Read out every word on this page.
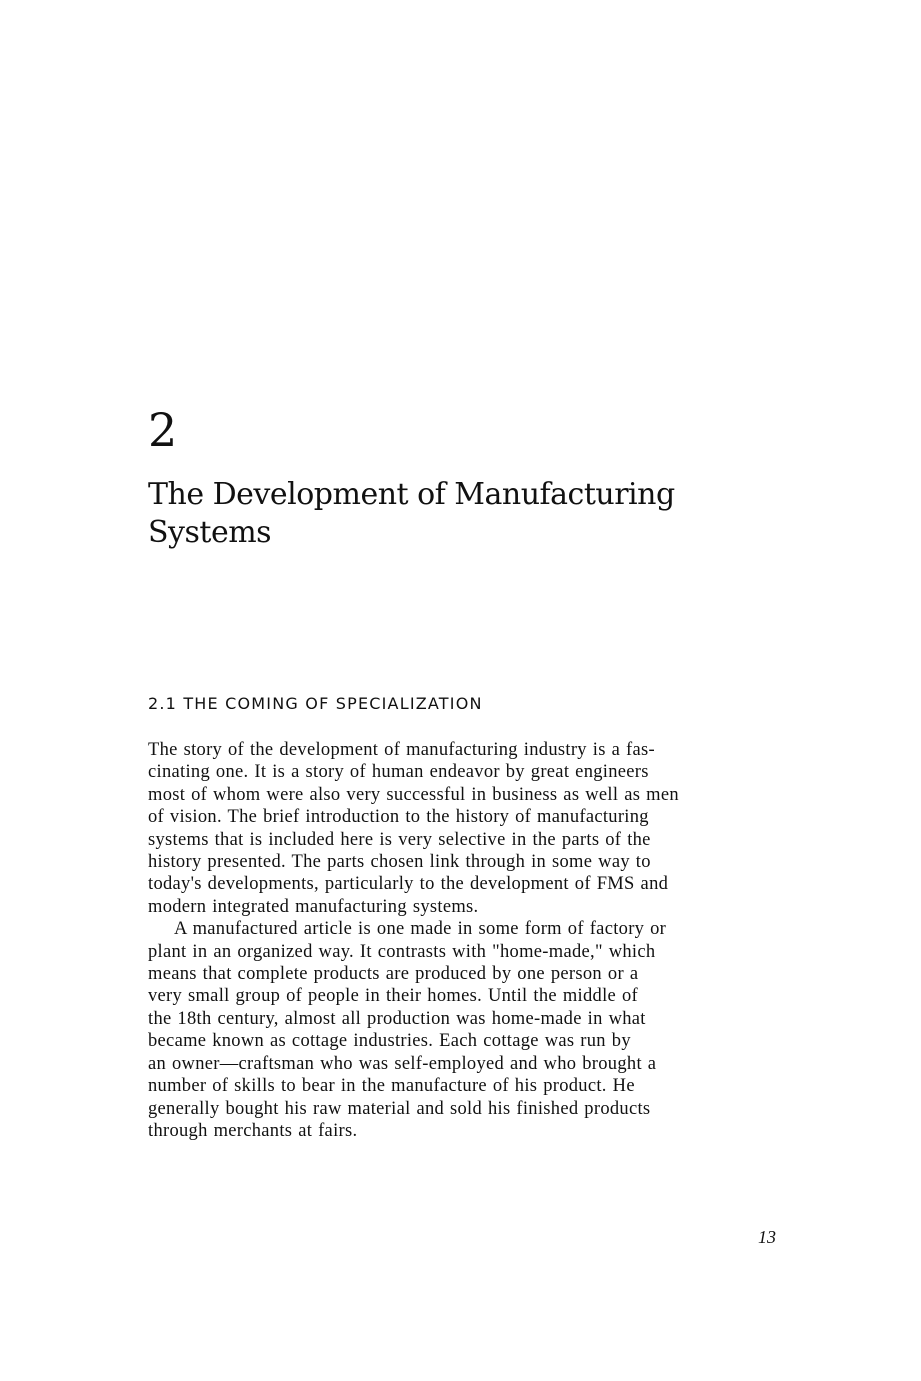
2
The Development of Manufacturing
Systems
2.1 THE COMING OF SPECIALIZATION
The story of the development of manufacturing industry is a fas-
cinating one. It is a story of human endeavor by great engineers
most of whom were also very successful in business as well as men
of vision. The brief introduction to the history of manufacturing
systems that is included here is very selective in the parts of the
history presented. The parts chosen link through in some way to
today's developments, particularly to the development of FMS and
modern integrated manufacturing systems.
A manufactured article is one made in some form of factory or
plant in an organized way. It contrasts with "home-made," which
means that complete products are produced by one person or a
very small group of people in their homes. Until the middle of
the 18th century, almost all production was home-made in what
became known as cottage industries. Each cottage was run by
an owner—craftsman who was self-employed and who brought a
number of skills to bear in the manufacture of his product. He
generally bought his raw material and sold his finished products
through merchants at fairs.
13
